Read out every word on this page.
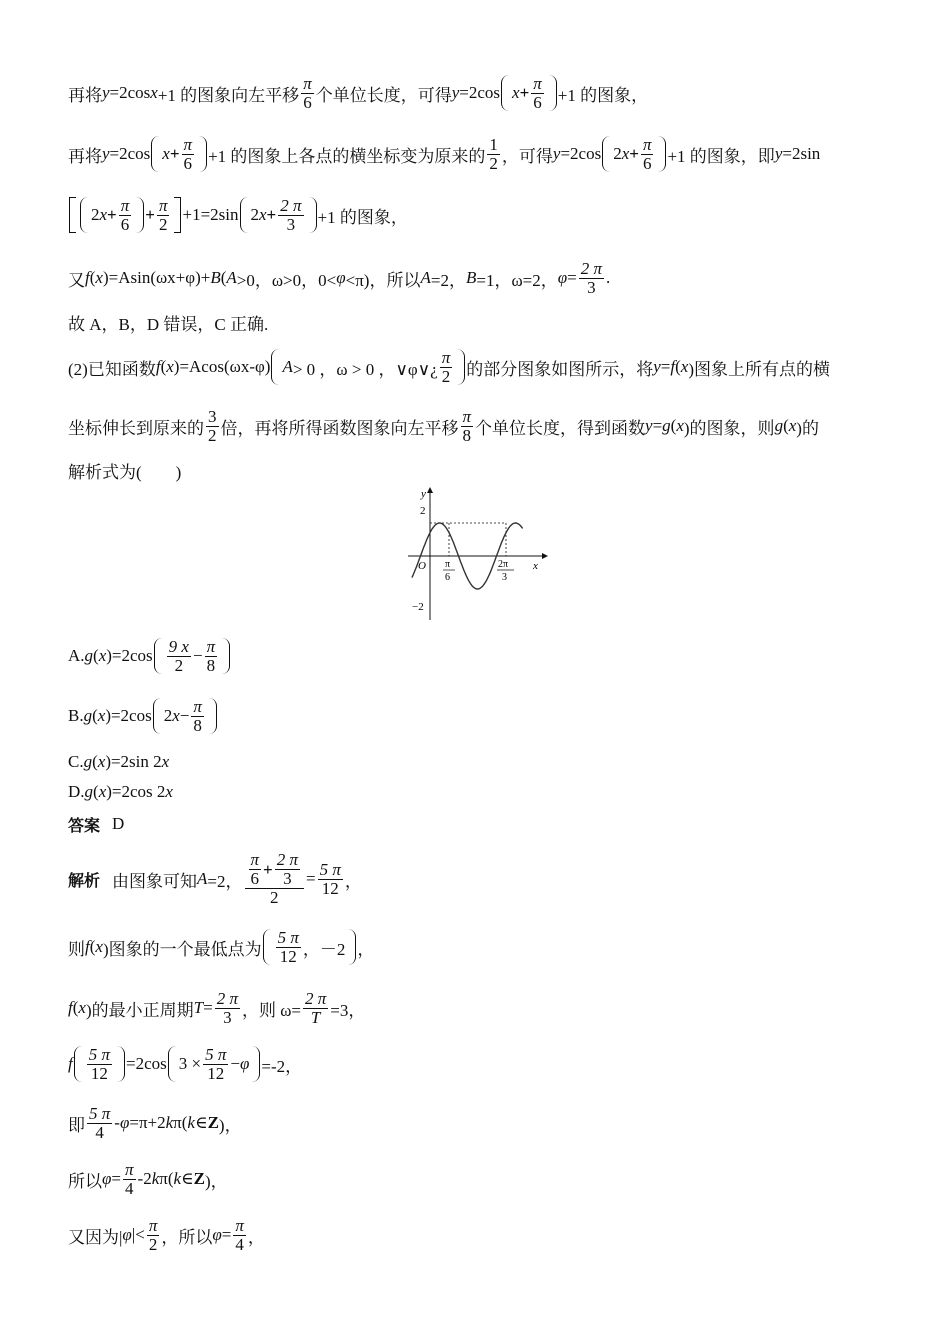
再将 y =2cos x +1 的图象向左平移 $\frac{\pi}{6}$ 个单位长度，可得 y =2cos $x + \frac{\pi}{6} +1$ 的图象，
再将 y =2cos $x + \frac{\pi}{6} +1$ 的图象上各点的横坐标变为原来的 $\frac{1}{2}$ ，可得 y =2cos 2 $x + \frac{\pi}{6} +1$ 的图象，即 y =2sin
2 $x + \frac{\pi}{6} + \frac{\pi}{2} +1=2\sin$ 2 $x + \frac{2 \pi}{3} +1$ 的图象，
又 f ( x )=Asin(ωx+φ)+ B ( A >0，ω>0，0< φ <π)，所以 A =2， B =1，ω=2， $\varphi = \frac{2 \pi}{3}$ .
故 A，B，D 错误，C 正确.
(2)已知函数 f ( x )=Acos(ωx-φ) A > 0 ，ω > 0 ，∨φ∨¿ $\frac{\pi}{2}$ 的部分图象如图所示，将 y = f ( x )图象上所有点的横
坐标伸长到原来的 $\frac{3}{2}$ 倍，再将所得函数图象向左平移 $\frac{\pi}{8}$ 个单位长度，得到函数 y = g ( x )的图象，则 g ( x )的
解析式为(　　)
y
x
O
2
−2
π
6
2π
3
A. g ( x )$=2\cos \frac{9 x}{2} - \frac{\pi}{8}$
B. g ( x )=2cos 2 $x - \frac{\pi}{8}$
C. g ( x )=2sin 2 x
D. g ( x )=2cos 2 x
答案 D
解析 由图象可知 A =2， $\frac{\frac{\pi}{6} + \frac{2 \pi}{3}}{2} = \frac{5 \pi}{12}$ ，
则 f ( x )图象的一个最低点为 $\frac{5 \pi}{12}$ ，－2 ，
f ( x )的最小正周期 $T = \frac{2 \pi}{3}$ ，则 $\omega= \frac{2 \pi}{T} =3$，
f $\frac{5 \pi}{12} =2\cos$ $3 \times \frac{5 \pi}{12} - \varphi =-2$，
即 $\frac{5 \pi}{4} - \varphi =\pi+2$ k π( k ∈ Z )，
所以 $\varphi = \frac{\pi}{4} -2$ k π( k ∈ Z )，
又因为| φ |< $\frac{\pi}{2}$ ，所以 $\varphi = \frac{\pi}{4}$ ，
